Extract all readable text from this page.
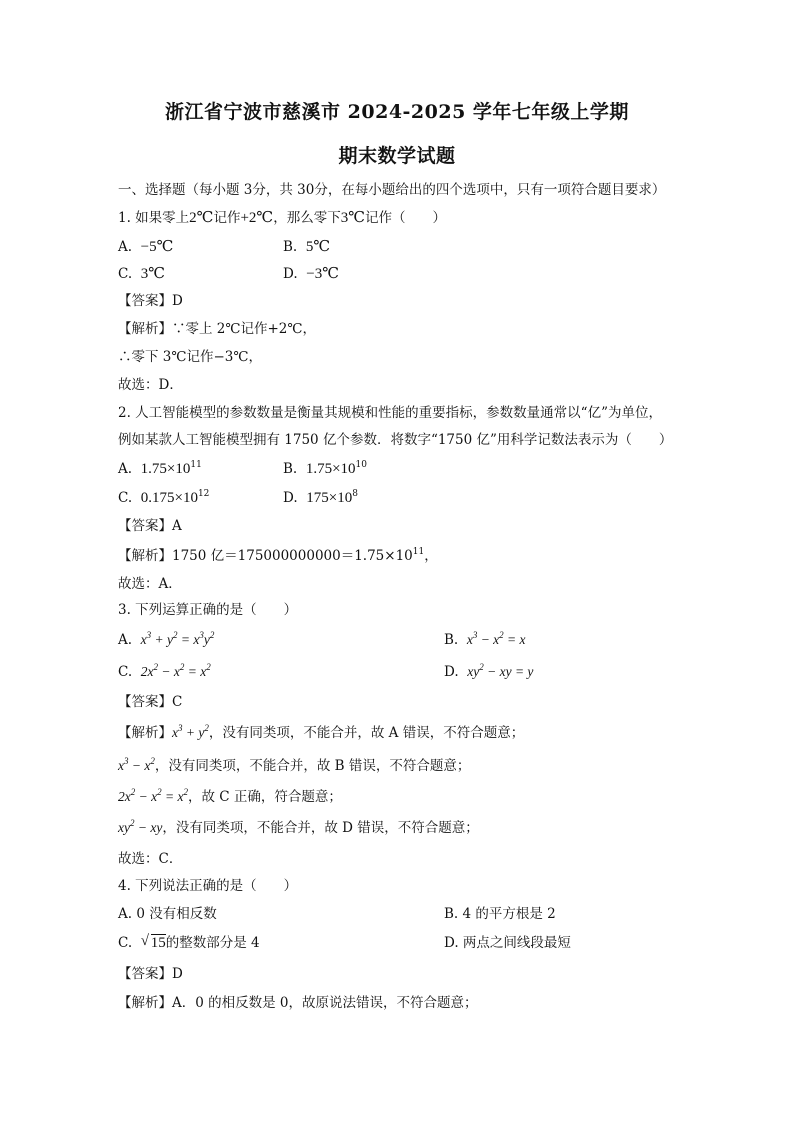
浙江省宁波市慈溪市 2024-2025 学年七年级上学期
期末数学试题
一、选择题（每小题 3分，共 30分，在每小题给出的四个选项中，只有一项符合题目要求）
1. 如果零上2℃记作+2℃，那么零下3℃记作（　　）
A. −5℃	B. 5℃
C. 3℃	D. −3℃
【答案】D
【解析】∵零上 2℃记作+2℃，
∴零下 3℃记作−3℃，
故选：D．
2. 人工智能模型的参数数量是衡量其规模和性能的重要指标，参数数量通常以“亿”为单位，
例如某款人工智能模型拥有 1750 亿个参数．将数字“1750 亿”用科学记数法表示为（　　）
A. $1.75\times 10^{11}$	B. $1.75\times 10^{10}$
C. $0.175\times 10^{12}$	D. $175\times 10^8$
【答案】A
【解析】1750 亿$=175000000000=1.75\times 10^{11}$，
故选：A．
3. 下列运算正确的是（　　）
A. $x^3 + y^2 = x^3y^2$	B. $x^3 - x^2 = x$
C. $2x^2 - x^2 = x^2$	D. $xy^2$ − xy = y
【答案】C
【解析】$x^3 + y^2$，没有同类项，不能合并，故 A 错误，不符合题意；
$x^3 - x^2$，没有同类项，不能合并，故 B 错误，不符合题意；
$2x^2 - x^2 = x^2$，故 C 正确，符合题意；
$xy^2$ − xy，没有同类项，不能合并，故 D 错误，不符合题意；
故选：C．
4. 下列说法正确的是（　　）
A. 0 没有相反数	B. 4 的平方根是 2
C.  √ 15的整数部分是 4	D. 两点之间线段最短
【答案】D
【解析】A．0 的相反数是 0，故原说法错误，不符合题意；
